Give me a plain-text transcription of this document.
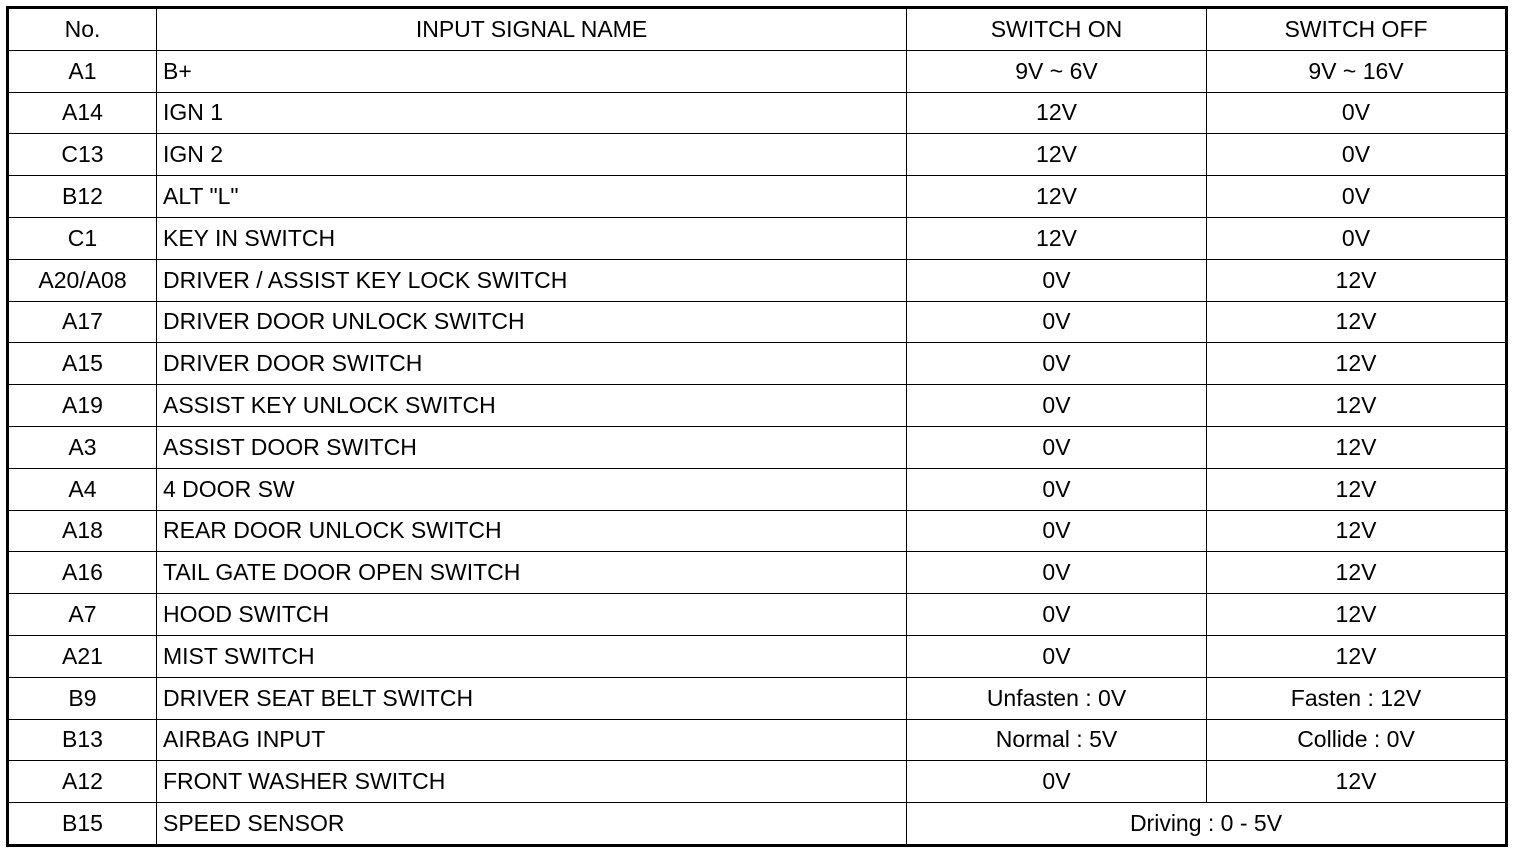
No.	INPUT SIGNAL NAME	SWITCH ON	SWITCH OFF
A1	B+	9V ~ 6V	9V ~ 16V
A14	IGN 1	12V	0V
C13	IGN 2	12V	0V
B12	ALT "L"	12V	0V
C1	KEY IN SWITCH	12V	0V
A20/A08	DRIVER / ASSIST KEY LOCK SWITCH	0V	12V
A17	DRIVER DOOR UNLOCK SWITCH	0V	12V
A15	DRIVER DOOR SWITCH	0V	12V
A19	ASSIST KEY UNLOCK SWITCH	0V	12V
A3	ASSIST DOOR SWITCH	0V	12V
A4	4 DOOR SW	0V	12V
A18	REAR DOOR UNLOCK SWITCH	0V	12V
A16	TAIL GATE DOOR OPEN SWITCH	0V	12V
A7	HOOD SWITCH	0V	12V
A21	MIST SWITCH	0V	12V
B9	DRIVER SEAT BELT SWITCH	Unfasten : 0V	Fasten : 12V
B13	AIRBAG INPUT	Normal : 5V	Collide : 0V
A12	FRONT WASHER SWITCH	0V	12V
B15	SPEED SENSOR	Driving : 0 - 5V	
